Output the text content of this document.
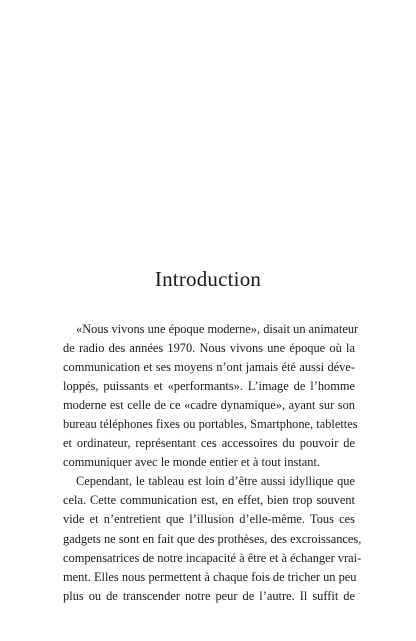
Introduction
«Nous vivons une époque moderne», disait un animateur
de radio des années 1970. Nous vivons une époque où la
communication et ses moyens n’ont jamais été aussi déve-
loppés, puissants et «performants». L’image de l’homme
moderne est celle de ce «cadre dynamique», ayant sur son
bureau téléphones fixes ou portables, Smartphone, tablettes
et ordinateur, représentant ces accessoires du pouvoir de
communiquer avec le monde entier et à tout instant.
Cependant, le tableau est loin d’être aussi idyllique que
cela. Cette communication est, en effet, bien trop souvent
vide et n’entretient que l’illusion d’elle-même. Tous ces
gadgets ne sont en fait que des prothèses, des excroissances,
compensatrices de notre incapacité à être et à échanger vrai-
ment. Elles nous permettent à chaque fois de tricher un peu
plus ou de transcender notre peur de l’autre. Il suffit de
